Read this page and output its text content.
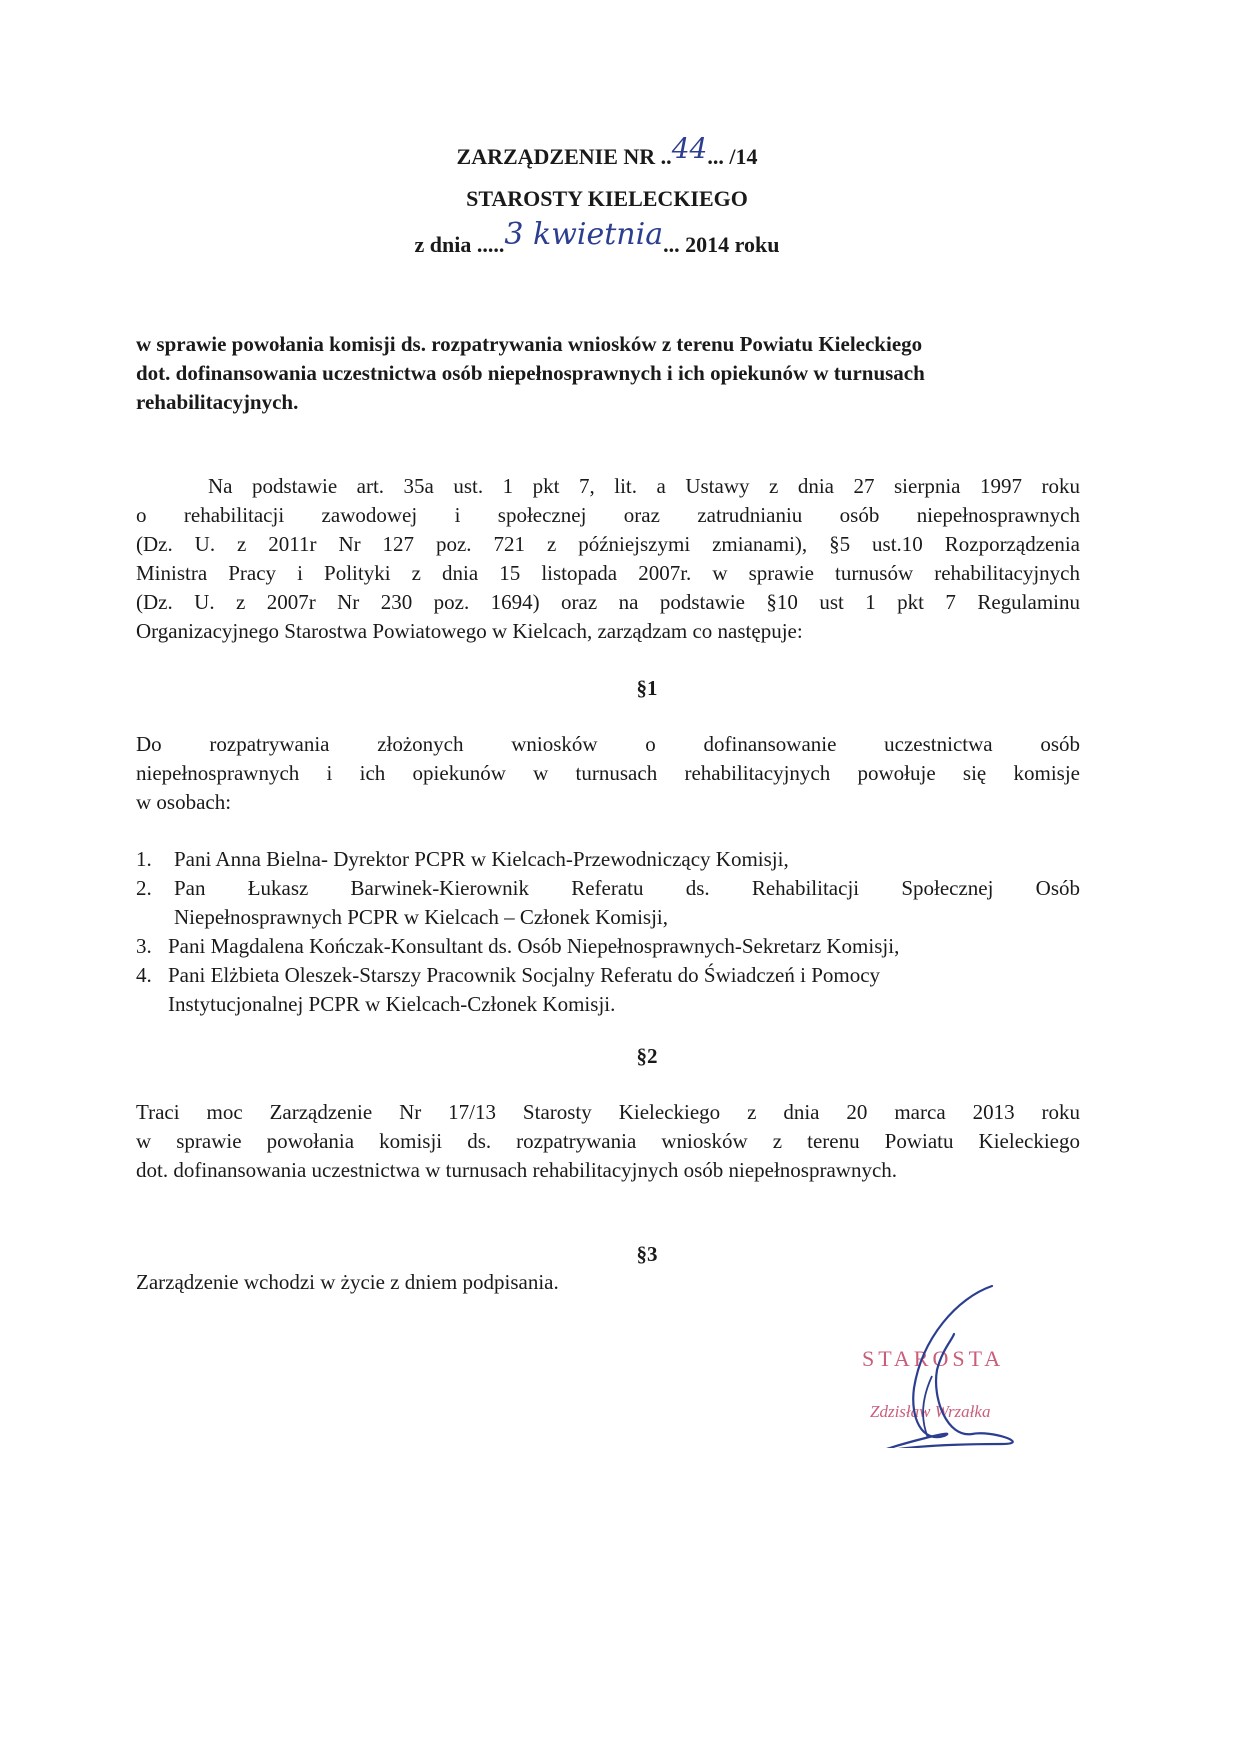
ZARZĄDZENIE NR ..44... /14
STAROSTY KIELECKIEGO
z dnia .....3 kwietnia... 2014 roku
w sprawie powołania komisji ds. rozpatrywania wniosków z terenu Powiatu Kieleckiego
dot. dofinansowania uczestnictwa osób niepełnosprawnych i ich opiekunów w turnusach
rehabilitacyjnych.
Na podstawie art. 35a ust. 1 pkt 7, lit. a Ustawy z dnia 27 sierpnia 1997 roku
o rehabilitacji zawodowej i społecznej oraz zatrudnianiu osób niepełnosprawnych
(Dz. U. z 2011r Nr 127 poz. 721 z późniejszymi zmianami), §5 ust.10 Rozporządzenia
Ministra Pracy i Polityki z dnia 15 listopada 2007r. w sprawie turnusów rehabilitacyjnych
(Dz. U. z 2007r Nr 230 poz. 1694) oraz na podstawie §10 ust 1 pkt 7 Regulaminu
Organizacyjnego Starostwa Powiatowego w Kielcach, zarządzam co następuje:
§1
Do rozpatrywania złożonych wniosków o dofinansowanie uczestnictwa osób
niepełnosprawnych i ich opiekunów w turnusach rehabilitacyjnych powołuje się komisje
w osobach:
1. Pani Anna Bielna- Dyrektor PCPR w Kielcach-Przewodniczący Komisji,
2. Pan Łukasz Barwinek-Kierownik Referatu ds. Rehabilitacji Społecznej Osób
Niepełnosprawnych PCPR w Kielcach – Członek Komisji,
3. Pani Magdalena Kończak-Konsultant ds. Osób Niepełnosprawnych-Sekretarz Komisji,
4. Pani Elżbieta Oleszek-Starszy Pracownik Socjalny Referatu do Świadczeń i Pomocy
Instytucjonalnej PCPR w Kielcach-Członek Komisji.
§2
Traci moc Zarządzenie Nr 17/13 Starosty Kieleckiego z dnia 20 marca 2013 roku
w sprawie powołania komisji ds. rozpatrywania wniosków z terenu Powiatu Kieleckiego
dot. dofinansowania uczestnictwa w turnusach rehabilitacyjnych osób niepełnosprawnych.
§3
Zarządzenie wchodzi w życie z dniem podpisania.
STAROSTA
Zdzisław Wrzałka
